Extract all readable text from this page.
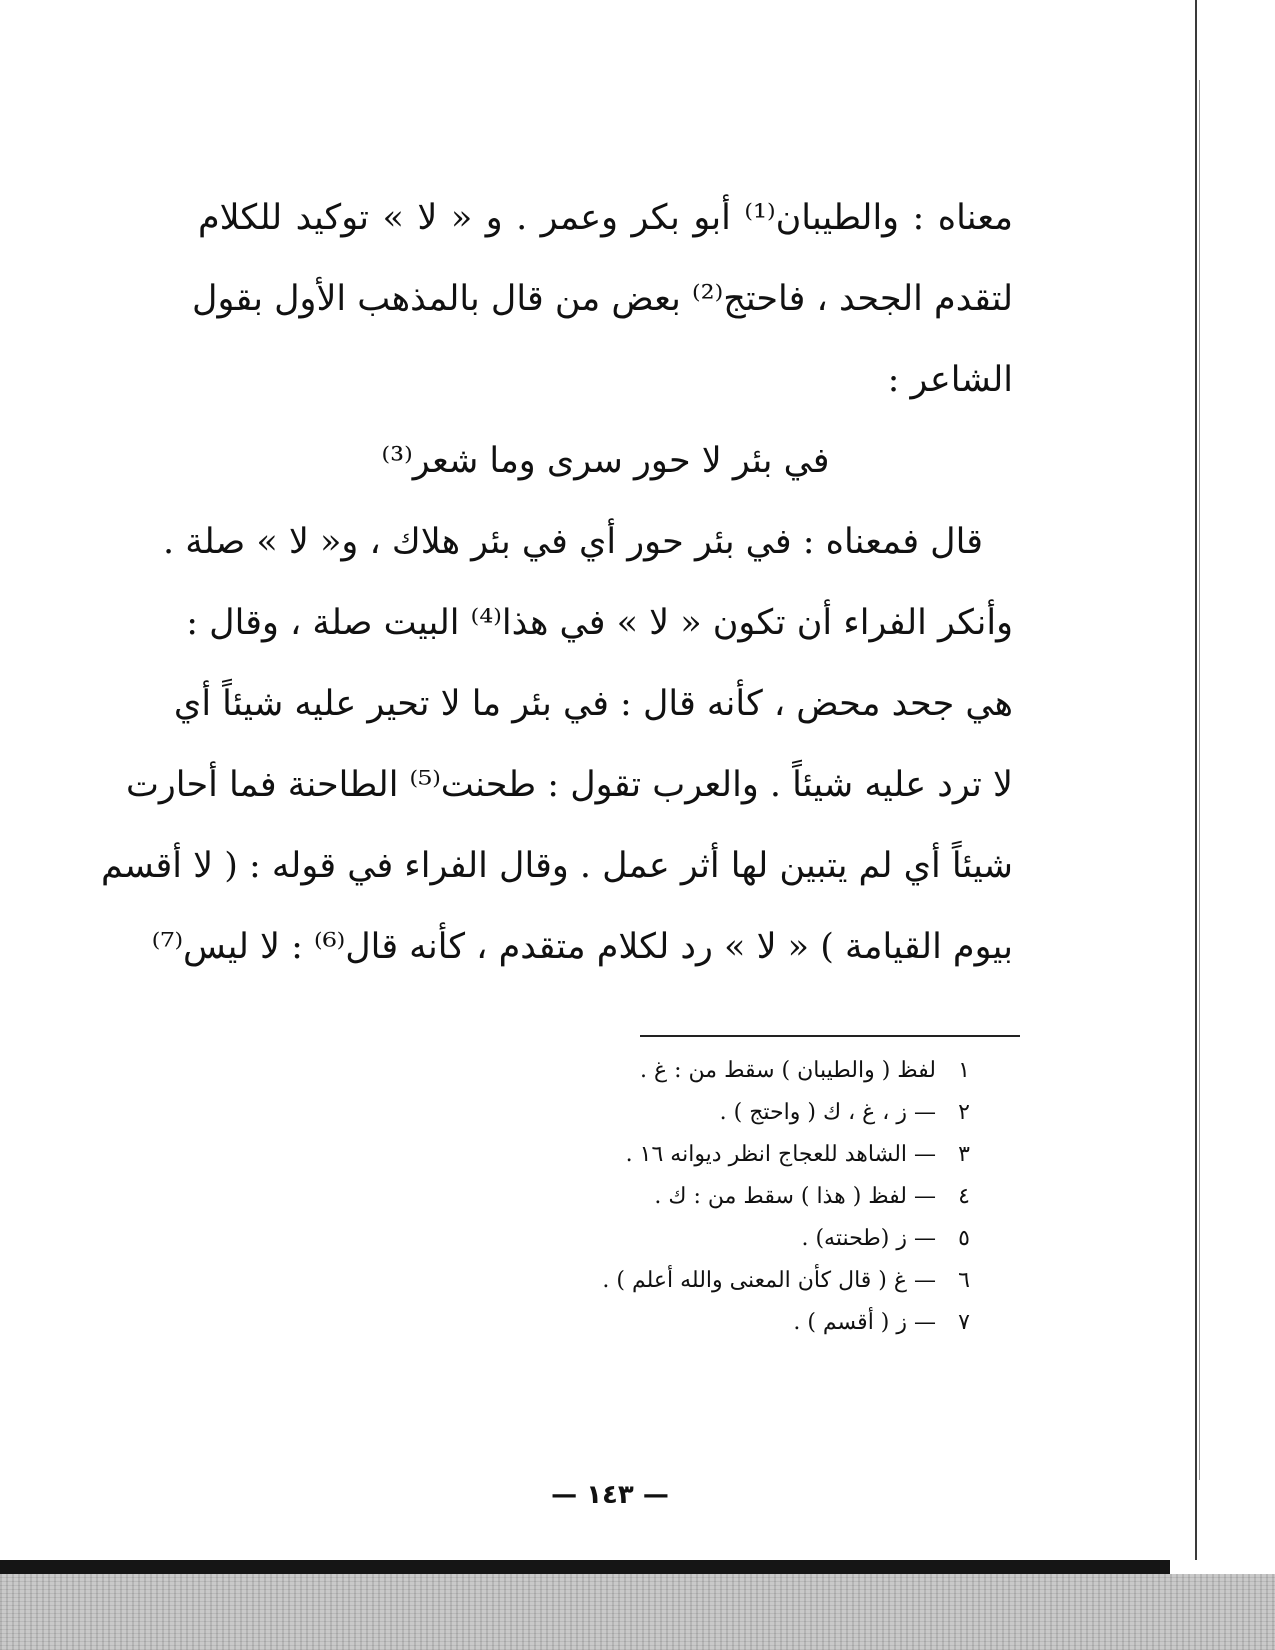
معناه : والطيبان⁽¹⁾ أبو بكر وعمر . و « لا » توكيد للكلام

لتقدم الجحد ، فاحتج⁽²⁾ بعض من قال بالمذهب الأول بقول

الشاعر :

في بئر لا حور سرى وما شعر⁽³⁾

قال فمعناه : في بئر حور أي في بئر هلاك ، و« لا » صلة .

وأنكر الفراء أن تكون « لا » في هذا⁽⁴⁾ البيت صلة ، وقال :

هي جحد محض ، كأنه قال : في بئر ما لا تحير عليه شيئاً أي

لا ترد عليه شيئاً . والعرب تقول : طحنت⁽⁵⁾ الطاحنة فما أحارت

شيئاً أي لم يتبين لها أثر عمل . وقال الفراء في قوله : ( لا أقسم

بيوم القيامة ) « لا » رد لكلام متقدم ، كأنه قال⁽⁶⁾ : لا ليس⁽⁷⁾

١
لفظ ( والطيبان ) سقط من : غ .

٢
— ز ، غ ، ك ( واحتج ) .

٣
— الشاهد للعجاج انظر ديوانه ١٦ .

٤
— لفظ ( هذا ) سقط من : ك .

٥
— ز (طحنته) .

٦
— غ ( قال كأن المعنى والله أعلم ) .

٧
— ز ( أقسم ) .

— ١٤٣ —
